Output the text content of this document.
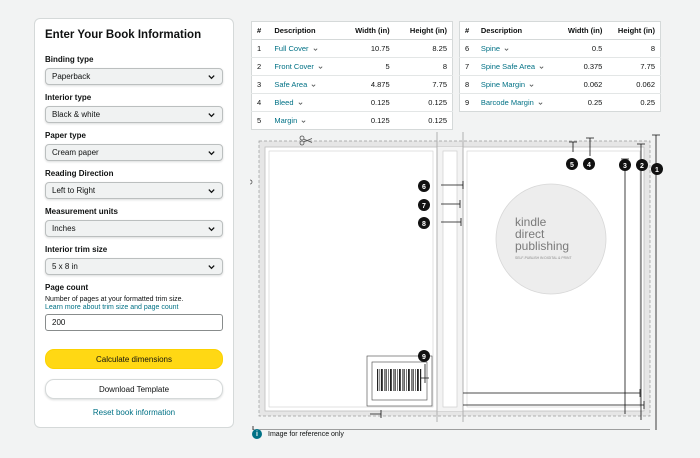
Enter Your Book Information
Binding type
Paperback
Interior type
Black & white
Paper type
Cream paper
Reading Direction
Left to Right
Measurement units
Inches
Interior trim size
5 x 8 in
Page count
Number of pages at your formatted trim size.
Learn more about trim size and page count
200
Calculate dimensions
Download Template
Reset book information
#	Description	Width (in)	Height (in)
1	Full Cover	10.75	8.25
2	Front Cover	5	8
3	Safe Area	4.875	7.75
4	Bleed	0.125	0.125
5	Margin	0.125	0.125
#	Description	Width (in)	Height (in)
6	Spine	0.5	8
7	Spine Safe Area	0.375	7.75
8	Spine Margin	0.062	0.062
9	Barcode Margin	0.25	0.25
kindle
direct
publishing
SELF-PUBLISH IN DIGITAL & PRINT
1
2
3
4
5
6
7
8
9
i	Image for reference only
